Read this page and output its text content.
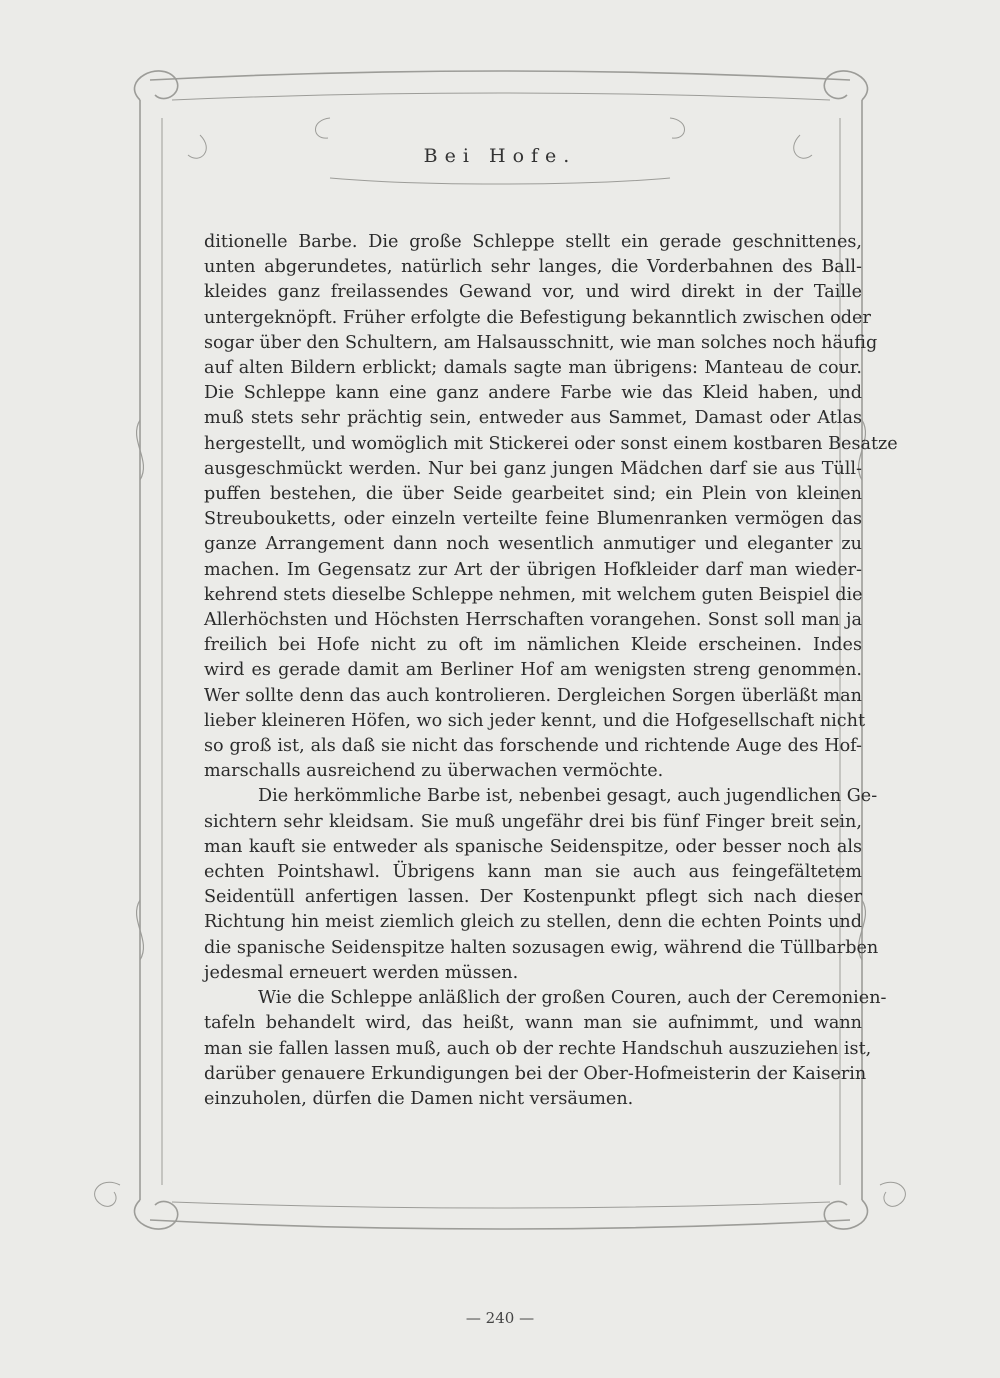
Bei Hofe.
ditionelle Barbe. Die große Schleppe stellt ein gerade geschnittenes,
unten abgerundetes, natürlich sehr langes, die Vorderbahnen des Ball-
kleides ganz freilassendes Gewand vor, und wird direkt in der Taille
untergeknöpft. Früher erfolgte die Befestigung bekanntlich zwischen oder
sogar über den Schultern, am Halsausschnitt, wie man solches noch häufig
auf alten Bildern erblickt; damals sagte man übrigens: Manteau de cour.
Die Schleppe kann eine ganz andere Farbe wie das Kleid haben, und
muß stets sehr prächtig sein, entweder aus Sammet, Damast oder Atlas
hergestellt, und womöglich mit Stickerei oder sonst einem kostbaren Besatze
ausgeschmückt werden. Nur bei ganz jungen Mädchen darf sie aus Tüll-
puffen bestehen, die über Seide gearbeitet sind; ein Plein von kleinen
Streubouketts, oder einzeln verteilte feine Blumenranken vermögen das
ganze Arrangement dann noch wesentlich anmutiger und eleganter zu
machen. Im Gegensatz zur Art der übrigen Hofkleider darf man wieder-
kehrend stets dieselbe Schleppe nehmen, mit welchem guten Beispiel die
Allerhöchsten und Höchsten Herrschaften vorangehen. Sonst soll man ja
freilich bei Hofe nicht zu oft im nämlichen Kleide erscheinen. Indes
wird es gerade damit am Berliner Hof am wenigsten streng genommen.
Wer sollte denn das auch kontrolieren. Dergleichen Sorgen überläßt man
lieber kleineren Höfen, wo sich jeder kennt, und die Hofgesellschaft nicht
so groß ist, als daß sie nicht das forschende und richtende Auge des Hof-
marschalls ausreichend zu überwachen vermöchte.
Die herkömmliche Barbe ist, nebenbei gesagt, auch jugendlichen Ge-
sichtern sehr kleidsam. Sie muß ungefähr drei bis fünf Finger breit sein,
man kauft sie entweder als spanische Seidenspitze, oder besser noch als
echten Pointshawl. Übrigens kann man sie auch aus feingefältetem
Seidentüll anfertigen lassen. Der Kostenpunkt pflegt sich nach dieser
Richtung hin meist ziemlich gleich zu stellen, denn die echten Points und
die spanische Seidenspitze halten sozusagen ewig, während die Tüllbarben
jedesmal erneuert werden müssen.
Wie die Schleppe anläßlich der großen Couren, auch der Ceremonien-
tafeln behandelt wird, das heißt, wann man sie aufnimmt, und wann
man sie fallen lassen muß, auch ob der rechte Handschuh auszuziehen ist,
darüber genauere Erkundigungen bei der Ober-Hofmeisterin der Kaiserin
einzuholen, dürfen die Damen nicht versäumen.
— 240 —
